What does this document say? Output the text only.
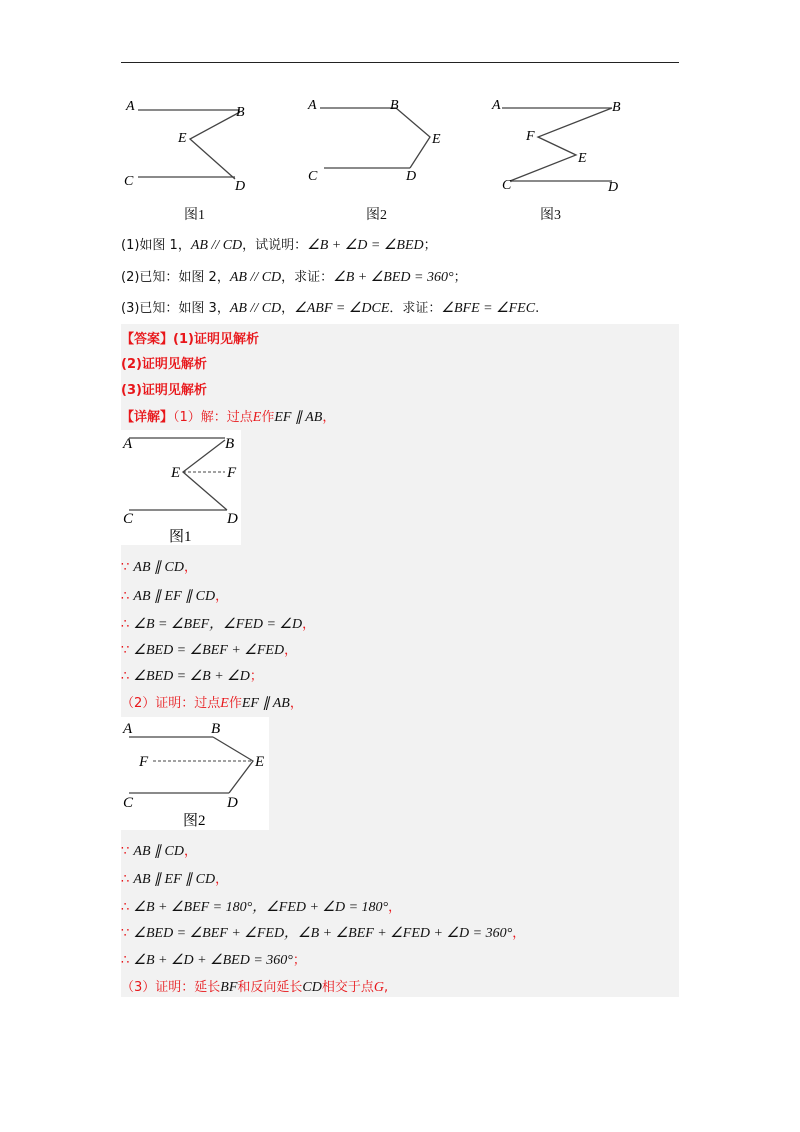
A	B
E
C	D
图1
A	B
E
C	D
图2
A	B
F
E
C	D
图3
(1)如图 1，AB // CD，试说明：∠B + ∠D = ∠BED；
(2)已知：如图 2，AB // CD，求证：∠B + ∠BED = 360°；
(3)已知：如图 3，AB // CD，∠ABF = ∠DCE．求证：∠BFE = ∠FEC.
【答案】(1)证明见解析
(2)证明见解析
(3)证明见解析
【详解】（1）解：过点E作EF ∥ AB，
A	B
E	F
C	D
图1
∵ AB ∥ CD，
∴ AB ∥ EF ∥ CD，
∴ ∠B = ∠BEF，∠FED = ∠D，
∵ ∠BED = ∠BEF + ∠FED，
∴ ∠BED = ∠B + ∠D；
（2）证明：过点E作EF ∥ AB，
A	B
F	E
C	D
图2
∵ AB ∥ CD，
∴ AB ∥ EF ∥ CD，
∴ ∠B + ∠BEF = 180°，∠FED + ∠D = 180°，
∵ ∠BED = ∠BEF + ∠FED，∠B + ∠BEF + ∠FED + ∠D = 360°，
∴ ∠B + ∠D + ∠BED = 360°；
（3）证明：延长BF和反向延长CD相交于点G,
